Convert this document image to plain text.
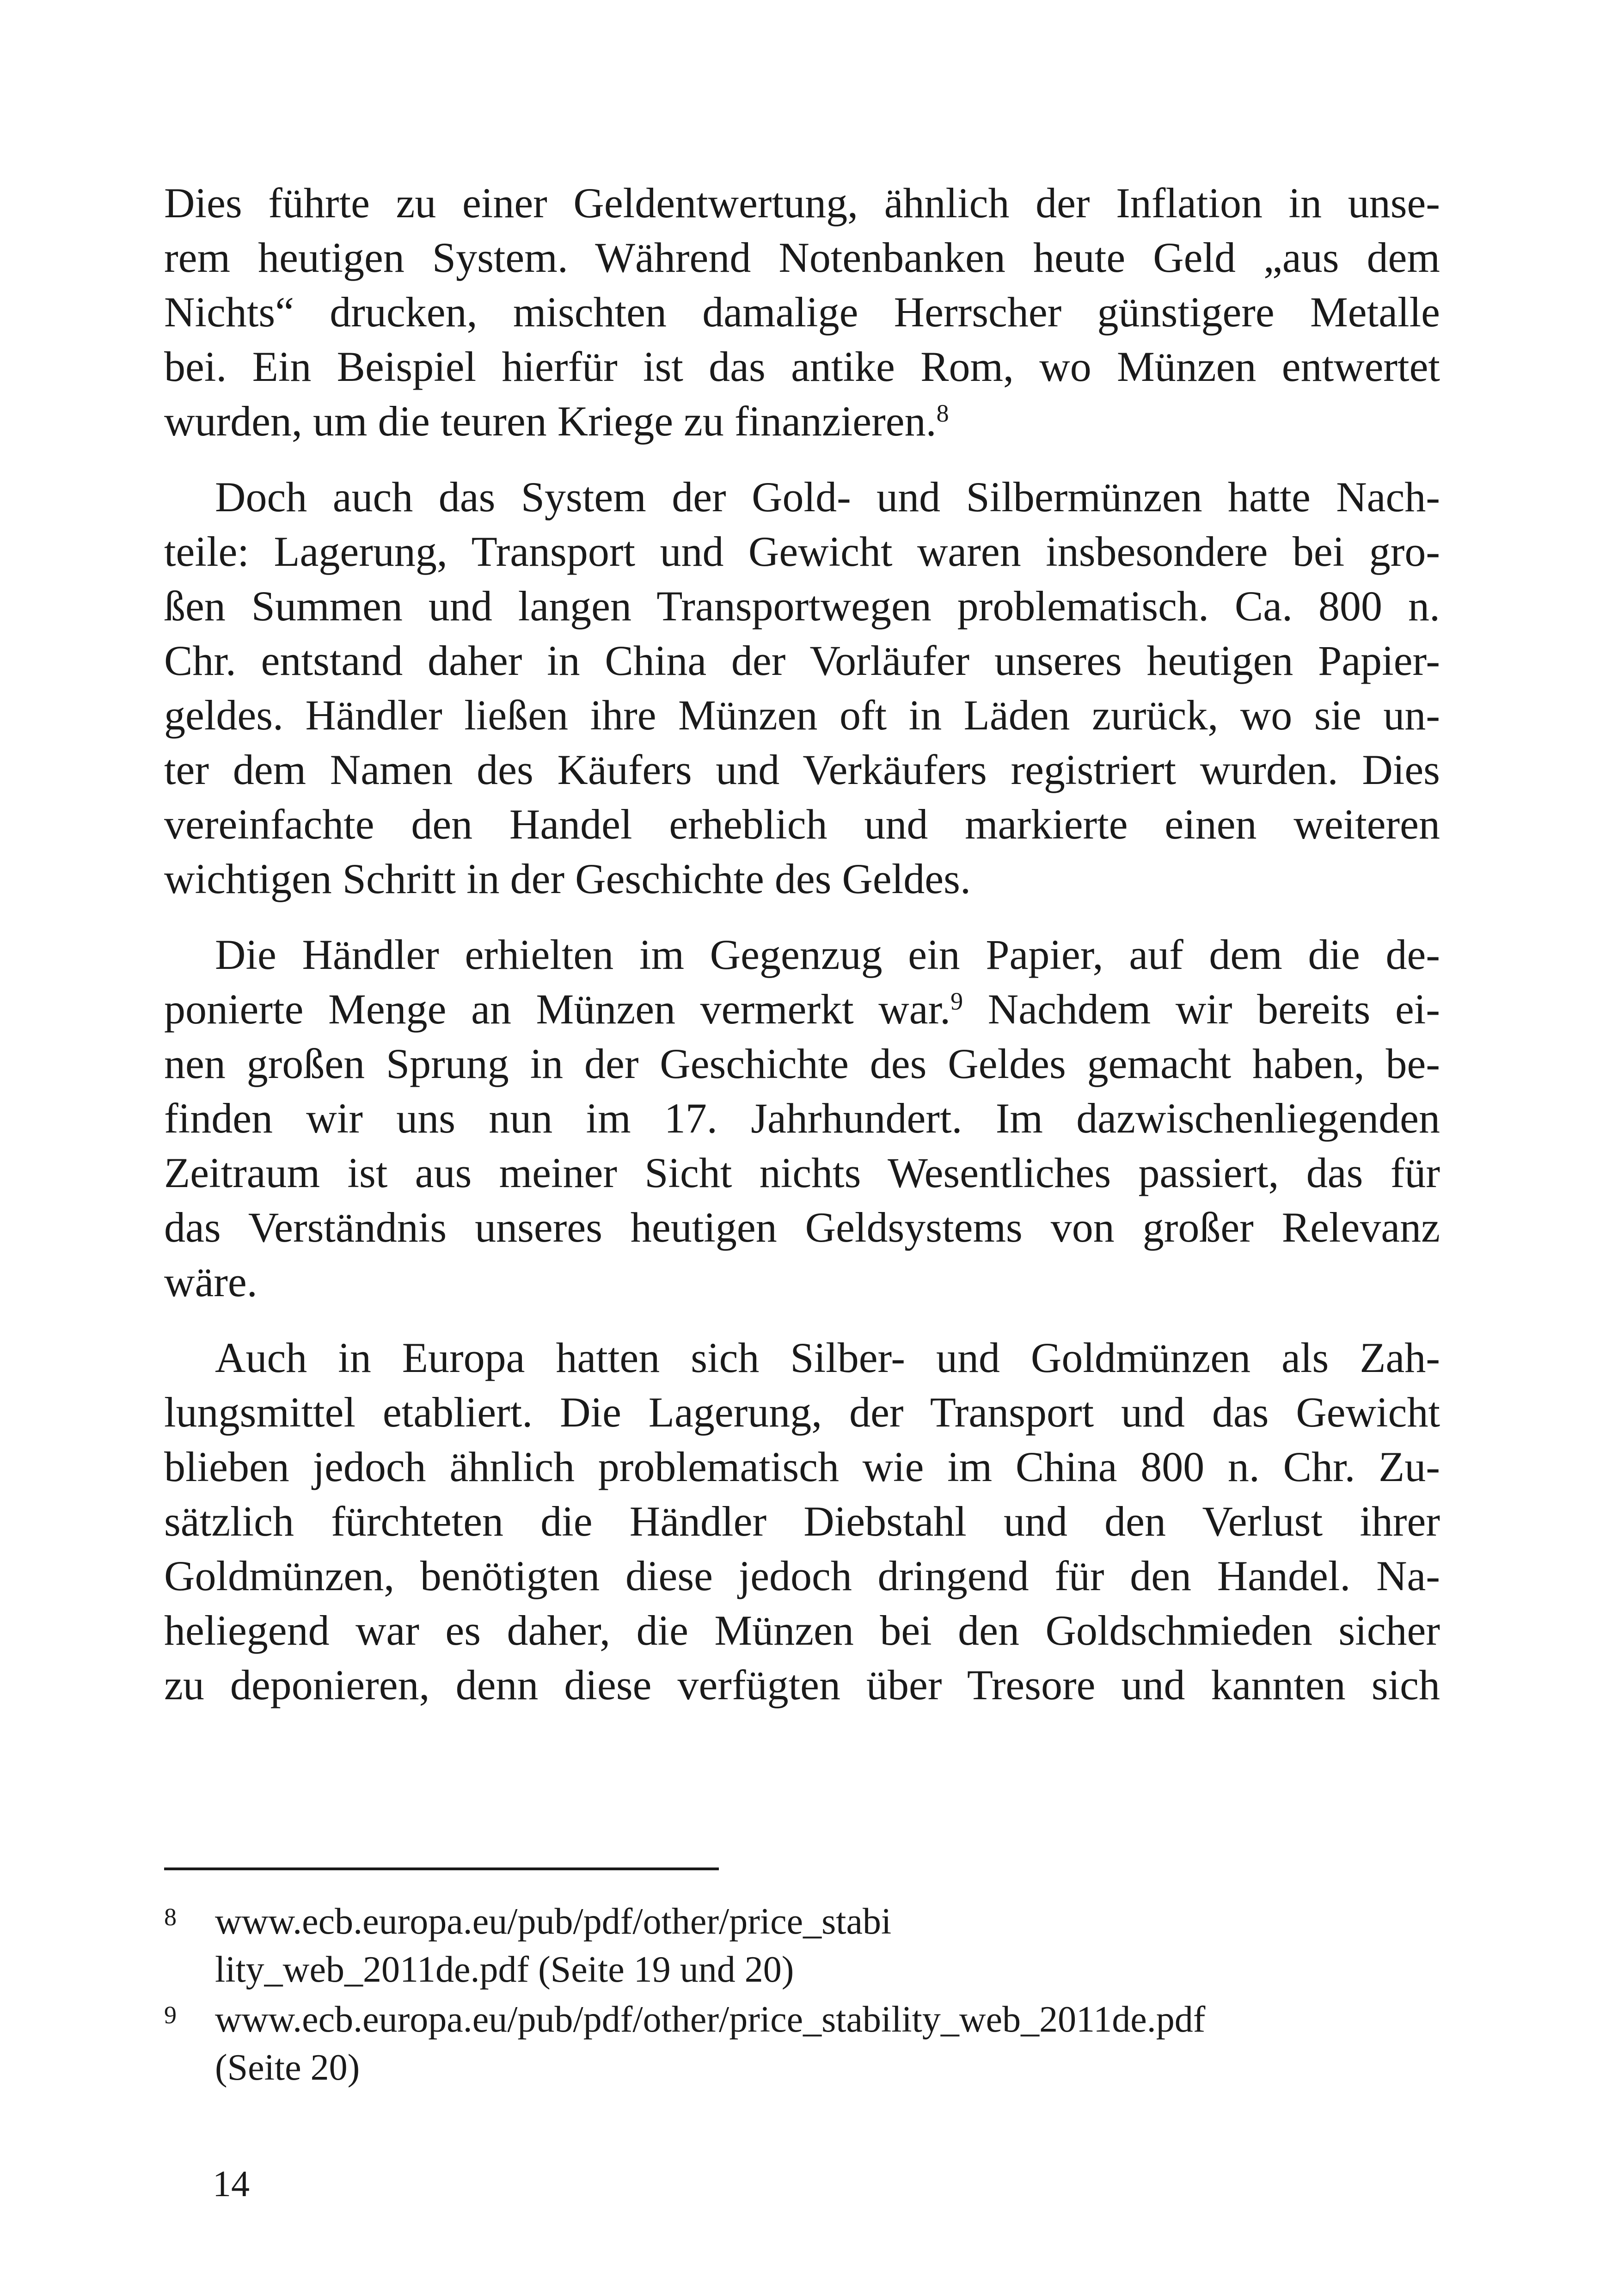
Dies führte zu einer Geldentwertung, ähnlich der Inflation in unse-
rem heutigen System. Während Notenbanken heute Geld „aus dem
Nichts“ drucken, mischten damalige Herrscher günstigere Metalle
bei. Ein Beispiel hierfür ist das antike Rom, wo Münzen entwertet
wurden, um die teuren Kriege zu finanzieren.$^8$

Doch auch das System der Gold- und Silbermünzen hatte Nach-
teile: Lagerung, Transport und Gewicht waren insbesondere bei gro-
ßen Summen und langen Transportwegen problematisch. Ca. 800 n.
Chr. entstand daher in China der Vorläufer unseres heutigen Papier-
geldes. Händler ließen ihre Münzen oft in Läden zurück, wo sie un-
ter dem Namen des Käufers und Verkäufers registriert wurden. Dies
vereinfachte den Handel erheblich und markierte einen weiteren
wichtigen Schritt in der Geschichte des Geldes.

Die Händler erhielten im Gegenzug ein Papier, auf dem die de-
ponierte Menge an Münzen vermerkt war.$^9$ Nachdem wir bereits ei-
nen großen Sprung in der Geschichte des Geldes gemacht haben, be-
finden wir uns nun im 17. Jahrhundert. Im dazwischenliegenden
Zeitraum ist aus meiner Sicht nichts Wesentliches passiert, das für
das Verständnis unseres heutigen Geldsystems von großer Relevanz
wäre.

Auch in Europa hatten sich Silber- und Goldmünzen als Zah-
lungsmittel etabliert. Die Lagerung, der Transport und das Gewicht
blieben jedoch ähnlich problematisch wie im China 800 n. Chr. Zu-
sätzlich fürchteten die Händler Diebstahl und den Verlust ihrer
Goldmünzen, benötigten diese jedoch dringend für den Handel. Na-
heliegend war es daher, die Münzen bei den Goldschmieden sicher
zu deponieren, denn diese verfügten über Tresore und kannten sich

8 www.ecb.europa.eu/pub/pdf/other/price_stabi
lity_web_2011de.pdf (Seite 19 und 20)
9 www.ecb.europa.eu/pub/pdf/other/price_stability_web_2011de.pdf
(Seite 20)
14
